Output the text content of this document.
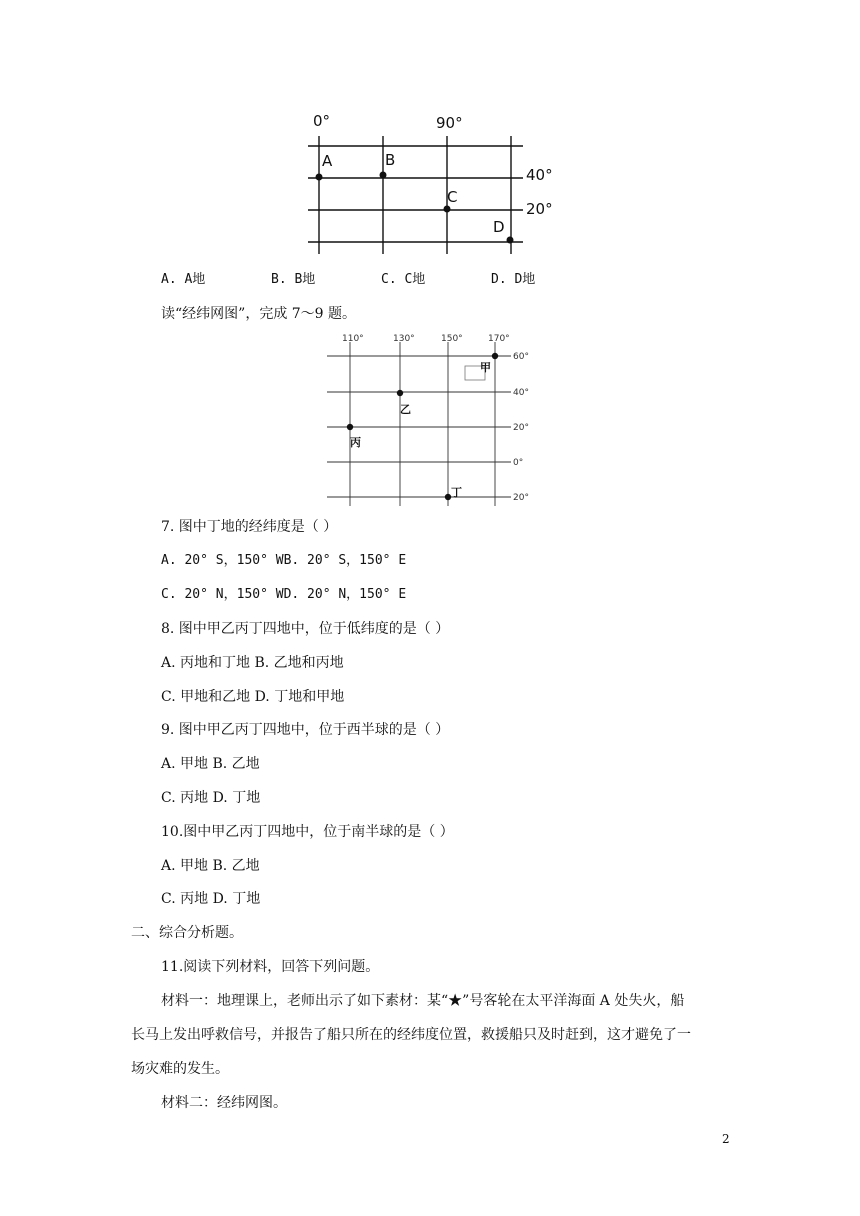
0°	90°
40°
20°
A	B
C
D
A. A地	B. B地	C. C地	D. D地
读“经纬网图”，完成 7～9 题。
110°	130°	150°	170°
60°
40°
20°
0°
20°
甲
乙
丙
丁
7. 图中丁地的经纬度是（ ）
A. 20° S，150° WB. 20° S，150° E
C. 20° N，150° WD. 20° N，150° E
8. 图中甲乙丙丁四地中，位于低纬度的是（ ）
A. 丙地和丁地 B. 乙地和丙地
C. 甲地和乙地 D. 丁地和甲地
9. 图中甲乙丙丁四地中，位于西半球的是（ ）
A. 甲地 B. 乙地
C. 丙地 D. 丁地
10.图中甲乙丙丁四地中，位于南半球的是（ ）
A. 甲地 B. 乙地
C. 丙地 D. 丁地
二、综合分析题。
11.阅读下列材料，回答下列问题。
材料一：地理课上，老师出示了如下素材：某“★”号客轮在太平洋海面 A 处失火，船
长马上发出呼救信号，并报告了船只所在的经纬度位置，救援船只及时赶到，这才避免了一
场灾难的发生。
材料二：经纬网图。
2
